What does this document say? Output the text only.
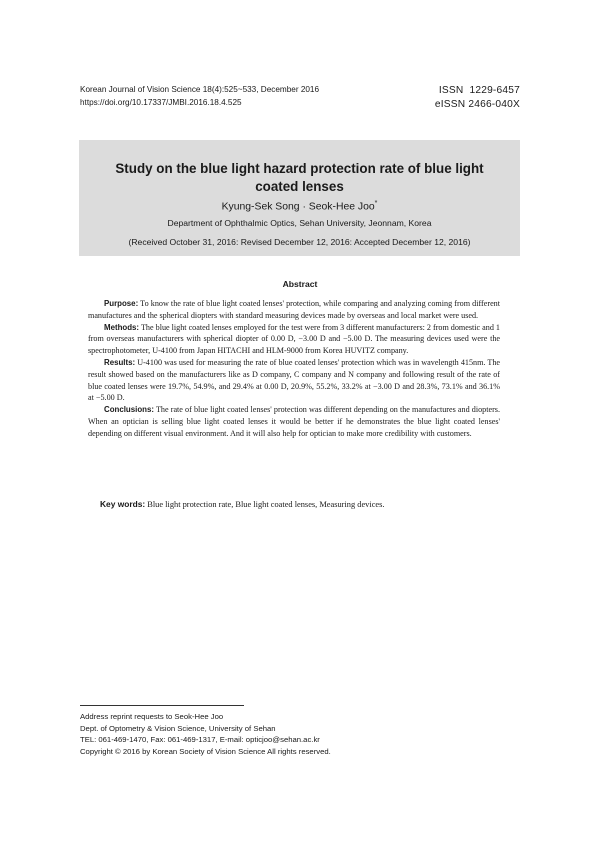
Korean Journal of Vision Science 18(4):525~533, December 2016
https://doi.org/10.17337/JMBI.2016.18.4.525
ISSN  1229-6457
eISSN 2466-040X
Study on the blue light hazard protection rate of blue light
coated lenses
Kyung-Sek Song · Seok-Hee Joo*
Department of Ophthalmic Optics, Sehan University, Jeonnam, Korea
(Received October 31, 2016: Revised December 12, 2016: Accepted December 12, 2016)
Abstract

Purpose: To know the rate of blue light coated lenses' protection, while comparing and analyzing coming from different manufactures and the spherical diopters with standard measuring devices made by overseas and local market were used.

Methods: The blue light coated lenses employed for the test were from 3 different manufacturers: 2 from domestic and 1 from overseas manufacturers with spherical diopter of 0.00 D, −3.00 D and −5.00 D. The measuring devices used were the spectrophotometer, U-4100 from Japan HITACHI and HLM-9000 from Korea HUVITZ company.

Results: U-4100 was used for measuring the rate of blue coated lenses' protection which was in wavelength 415nm. The result showed based on the manufacturers like as D company, C company and N company and following result of the rate of blue coated lenses were 19.7%, 54.9%, and 29.4% at 0.00 D, 20.9%, 55.2%, 33.2% at −3.00 D and 28.3%, 73.1% and 36.1% at −5.00 D.

Conclusions: The rate of blue light coated lenses' protection was different depending on the manufactures and diopters. When an optician is selling blue light coated lenses it would be better if he demonstrates the blue light coated lenses' depending on different visual environment. And it will also help for optician to make more credibility with customers.

Key words: Blue light protection rate, Blue light coated lenses, Measuring devices.
Address reprint requests to Seok-Hee Joo
Dept. of Optometry & Vision Science, University of Sehan
TEL: 061-469-1470, Fax: 061-469-1317, E-mail: opticjoo@sehan.ac.kr
Copyright © 2016 by Korean Society of Vision Science All rights reserved.
